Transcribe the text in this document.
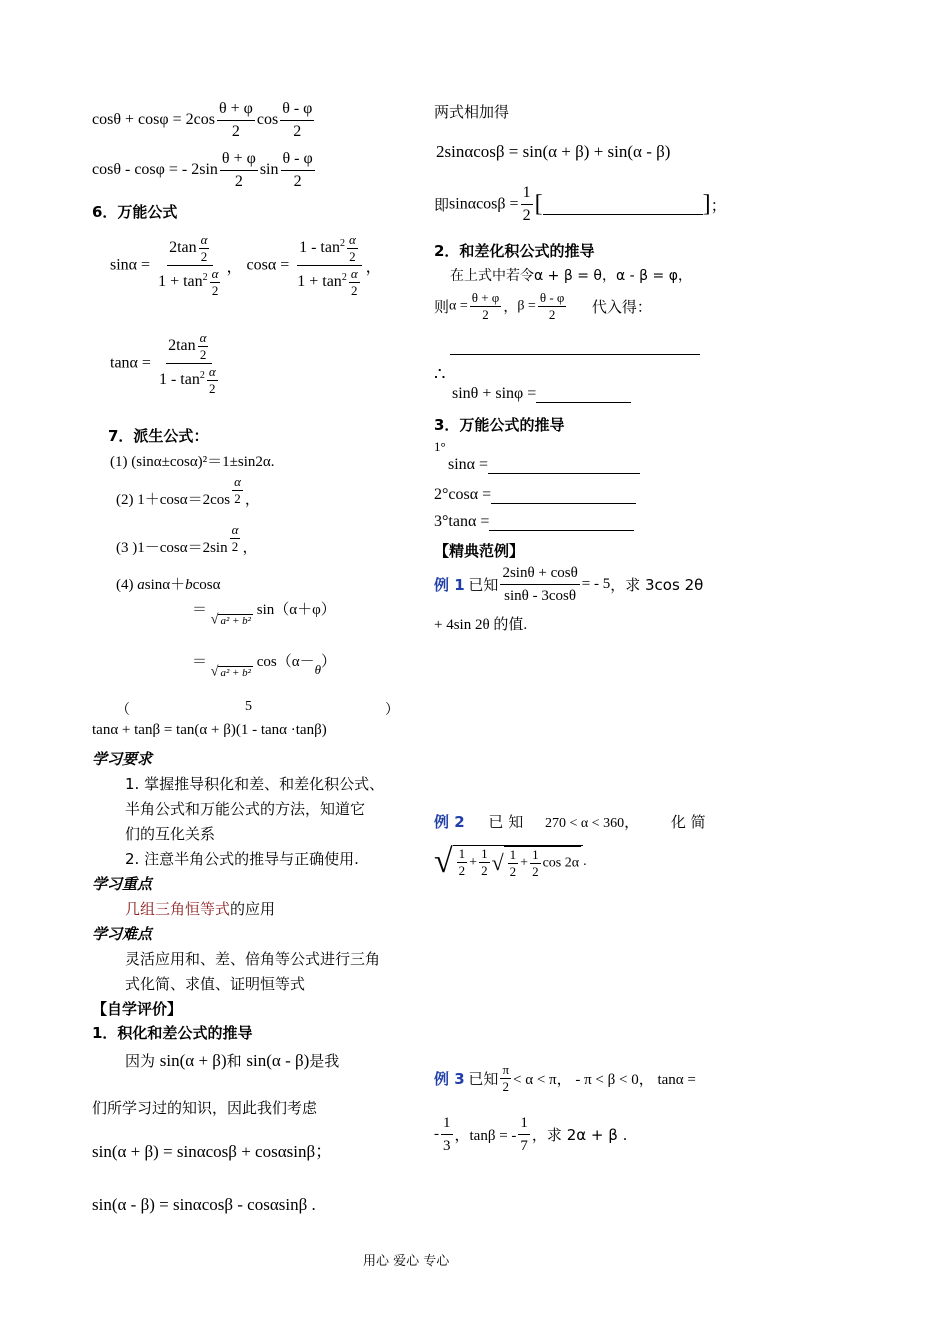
$\cos\theta + \cos\varphi = 2\cos \frac{\theta + \varphi}{2}$ $\cos \frac{\theta - \varphi}{2}$
cosθ - cosφ = - $2\sin \frac{\theta + \varphi}{2}$ $\sin \frac{\theta - \varphi}{2}$
6．万能公式
$\sin\alpha = \frac{2\tan \frac{\alpha}{2}}{1 + \tan^2 \frac{\alpha}{2}}$ ， $\cos\alpha = \frac{1 - \tan^2 \frac{\alpha}{2}}{1 + \tan^2 \frac{\alpha}{2}}$ ，
$\tan\alpha = \frac{2\tan \frac{\alpha}{2}}{1 - \tan^2 \frac{\alpha}{2}}$
7．派生公式：
(1) (sinα±cosα)²＝1±sin2α.
(2) $1+\cos\alpha=2\cos \frac{\alpha}{2}$ ，
(3 )$1-\cos\alpha=2\sin \frac{\alpha}{2}$ ，
(4) asinα＋bcosα
＝ √ a² + b² sin（α＋φ）
＝ √ a² + b² cos（α－θ）
（	5	）
tanα + tanβ = tan(α + β)(1 - tanα ·tanβ)
学习要求
1. 掌握推导积化和差、和差化积公式、
半角公式和万能公式的方法，知道它
们的互化关系
2. 注意半角公式的推导与正确使用.
学习重点
几组三角恒等式的应用
学习难点
灵活应用和、差、倍角等公式进行三角
式化简、求值、证明恒等式
【自学评价】
1．积化和差公式的推导
因为 sin(α + β)和 sin(α - β)是我
们所学习过的知识，因此我们考虑
sin(α + β) = sinαcosβ + cosαsinβ；
sin(α - β) = sinαcosβ - cosαsinβ .
两式相加得
2sinαcosβ = sin(α + β) + sin(α - β)
即$\sin\alpha\cos\beta = \frac{1}{2}$ [	]；
2．和差化积公式的推导
在上式中若令α + β = θ，α - β = φ，
则$\alpha = \frac{\theta + \varphi}{2}$ ，$\beta = \frac{\theta - \varphi}{2}$ 代入得：
∴
sinθ + sinφ =
3．万能公式的推导
1°
sinα =
2°cosα =
3°tanα =
【精典范例】
例 1 已知 $\frac{2\sin\theta + \cos\theta}{\sin\theta - 3\cos\theta}$ = - 5，求 3cos 2θ
+ 4sin 2θ 的值.
例 2 已 知 270 < α < 360， 化 简
√ $\frac{1}{2} + \frac{1}{2}$ √ $\frac{1}{2} + \frac{1}{2}$ cos 2α .
例 3 已知 $\frac{\pi}{2} < \alpha < \pi$， - π < β < 0， tanα =
- $\frac{1}{3}$ ，tanβ = - $\frac{1}{7}$ ，求 2α + β .
用心 爱心 专心
